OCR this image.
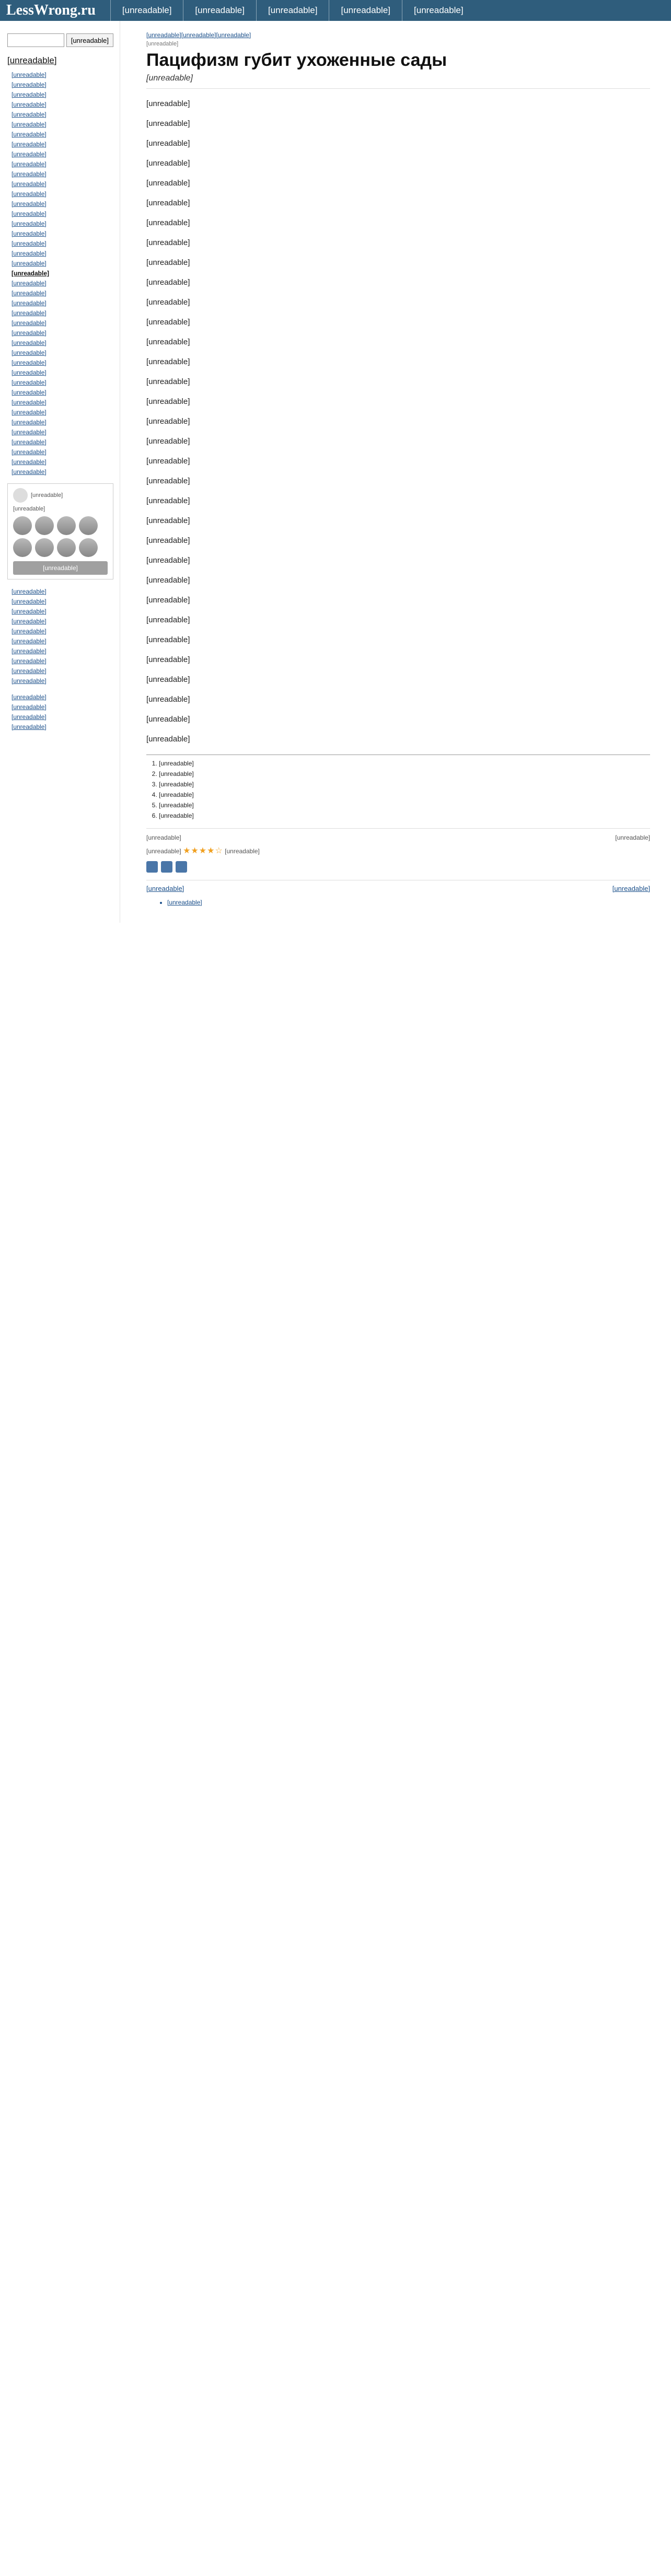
LessWrong.ru	[unreadable]	[unreadable]	[unreadable]	[unreadable]	[unreadable]
[unreadable]
[unreadable]
[unreadable]
[unreadable]
[unreadable]
[unreadable]
[unreadable]
[unreadable]
[unreadable]
[unreadable]
[unreadable]
[unreadable]
[unreadable]
[unreadable]
[unreadable]
[unreadable]
[unreadable]
[unreadable]
[unreadable]
[unreadable]
[unreadable]
[unreadable]
[unreadable]
[unreadable]
[unreadable]
[unreadable]
[unreadable]
[unreadable]
[unreadable]
[unreadable]
[unreadable]
[unreadable]
[unreadable]
[unreadable]
[unreadable]
[unreadable]
[unreadable]
[unreadable]
[unreadable]
[unreadable]
[unreadable]
[unreadable]
[unreadable]
[unreadable]
[unreadable]
[unreadable]
[unreadable]
[unreadable]
[unreadable]
[unreadable]
[unreadable]
[unreadable]
[unreadable]
[unreadable]
[unreadable]
[unreadable]
[unreadable]
[unreadable]
[unreadable]
[unreadable]
[unreadable][unreadable][unreadable]
[unreadable]
Пацифизм губит ухоженные сады
[unreadable]

[unreadable]

[unreadable]

[unreadable]

[unreadable]

[unreadable]

[unreadable]

[unreadable]

[unreadable]

[unreadable]

[unreadable]

[unreadable]

[unreadable]

[unreadable]

[unreadable]

[unreadable]

[unreadable]

[unreadable]

[unreadable]

[unreadable]

[unreadable]

[unreadable]

[unreadable]

[unreadable]

[unreadable]

[unreadable]

[unreadable]

[unreadable]

[unreadable]

[unreadable]

[unreadable]

[unreadable]

[unreadable]

[unreadable]

1. [unreadable]
2. [unreadable]
3. [unreadable]
4. [unreadable]
5. [unreadable]
6. [unreadable]
[unreadable]	[unreadable]
[unreadable] ★★★★☆ [unreadable]
[unreadable]	[unreadable]
• [unreadable]
